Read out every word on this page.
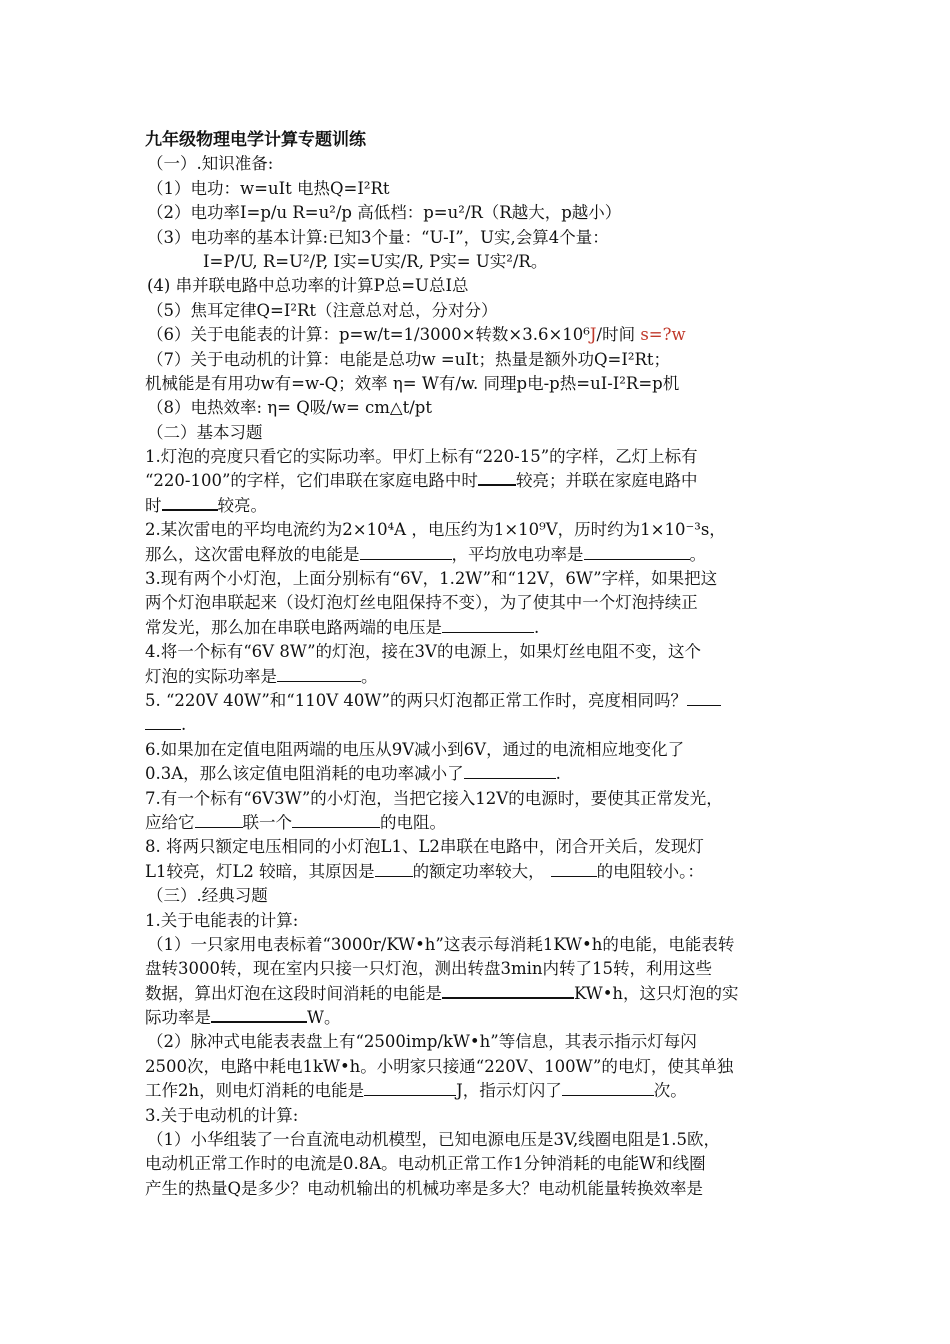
九年级物理电学计算专题训练
（一）.知识准备:
（1）电功：w=uIt 电热Q=I²Rt
（2）电功率I=p/u R=u²/p 高低档：p=u²/R（R越大，p越小）
（3）电功率的基本计算:已知3个量：“U-I”，U实,会算4个量：
I=P/U, R=U²/P, I实=U实/R, P实= U实²/R。
(4) 串并联电路中总功率的计算P总=U总I总
（5）焦耳定律Q=I²Rt（注意总对总，分对分）
（6）关于电能表的计算：p=w/t=1/3000×转数×3.6×10⁶J/时间 s=?w
（7）关于电动机的计算：电能是总功w =uIt；热量是额外功Q=I²Rt；
机械能是有用功w有=w-Q；效率 η= W有/w. 同理p电-p热=uI-I²R=p机
（8）电热效率: η= Q吸/w= cm△t/pt
（二）基本习题
1.灯泡的亮度只看它的实际功率。甲灯上标有“220-15”的字样，乙灯上标有
“220-100”的字样，它们串联在家庭电路中时 较亮；并联在家庭电路中
时	较亮。
2.某次雷电的平均电流约为2×10⁴A ，电压约为1×10⁹V，历时约为1×10⁻³s，
那么，这次雷电释放的电能是	，平均放电功率是	。
3.现有两个小灯泡，上面分别标有“6V，1.2W”和“12V，6W”字样，如果把这
两个灯泡串联起来（设灯泡灯丝电阻保持不变），为了使其中一个灯泡持续正
常发光，那么加在串联电路两端的电压是	.
4.将一个标有“6V 8W”的灯泡，接在3V的电源上，如果灯丝电阻不变，这个
灯泡的实际功率是	。
5. “220V 40W”和“110V 40W”的两只灯泡都正常工作时，亮度相同吗？
.
6.如果加在定值电阻两端的电压从9V减小到6V，通过的电流相应地变化了
0.3A，那么该定值电阻消耗的电功率减小了	.
7.有一个标有“6V3W”的小灯泡，当把它接入12V的电源时，要使其正常发光，
应给它	联一个	的电阻。
8. 将两只额定电压相同的小灯泡L1、L2串联在电路中，闭合开关后，发现灯
L1较亮，灯L2 较暗，其原因是 的额定功率较大，	的电阻较小。：
（三）.经典习题
1.关于电能表的计算:
（1）一只家用电表标着“3000r/KW•h”这表示每消耗1KW•h的电能，电能表转
盘转3000转，现在室内只接一只灯泡，测出转盘3min内转了15转，利用这些
数据，算出灯泡在这段时间消耗的电能是	KW•h，这只灯泡的实
际功率是	W。
（2）脉冲式电能表表盘上有“2500imp/kW•h”等信息，其表示指示灯每闪
2500次，电路中耗电1kW•h。小明家只接通“220V、100W”的电灯，使其单独
工作2h，则电灯消耗的电能是	J，指示灯闪了	次。
3.关于电动机的计算:
（1）小华组装了一台直流电动机模型，已知电源电压是3V,线圈电阻是1.5欧，
电动机正常工作时的电流是0.8A。电动机正常工作1分钟消耗的电能W和线圈
产生的热量Q是多少？电动机输出的机械功率是多大？电动机能量转换效率是
